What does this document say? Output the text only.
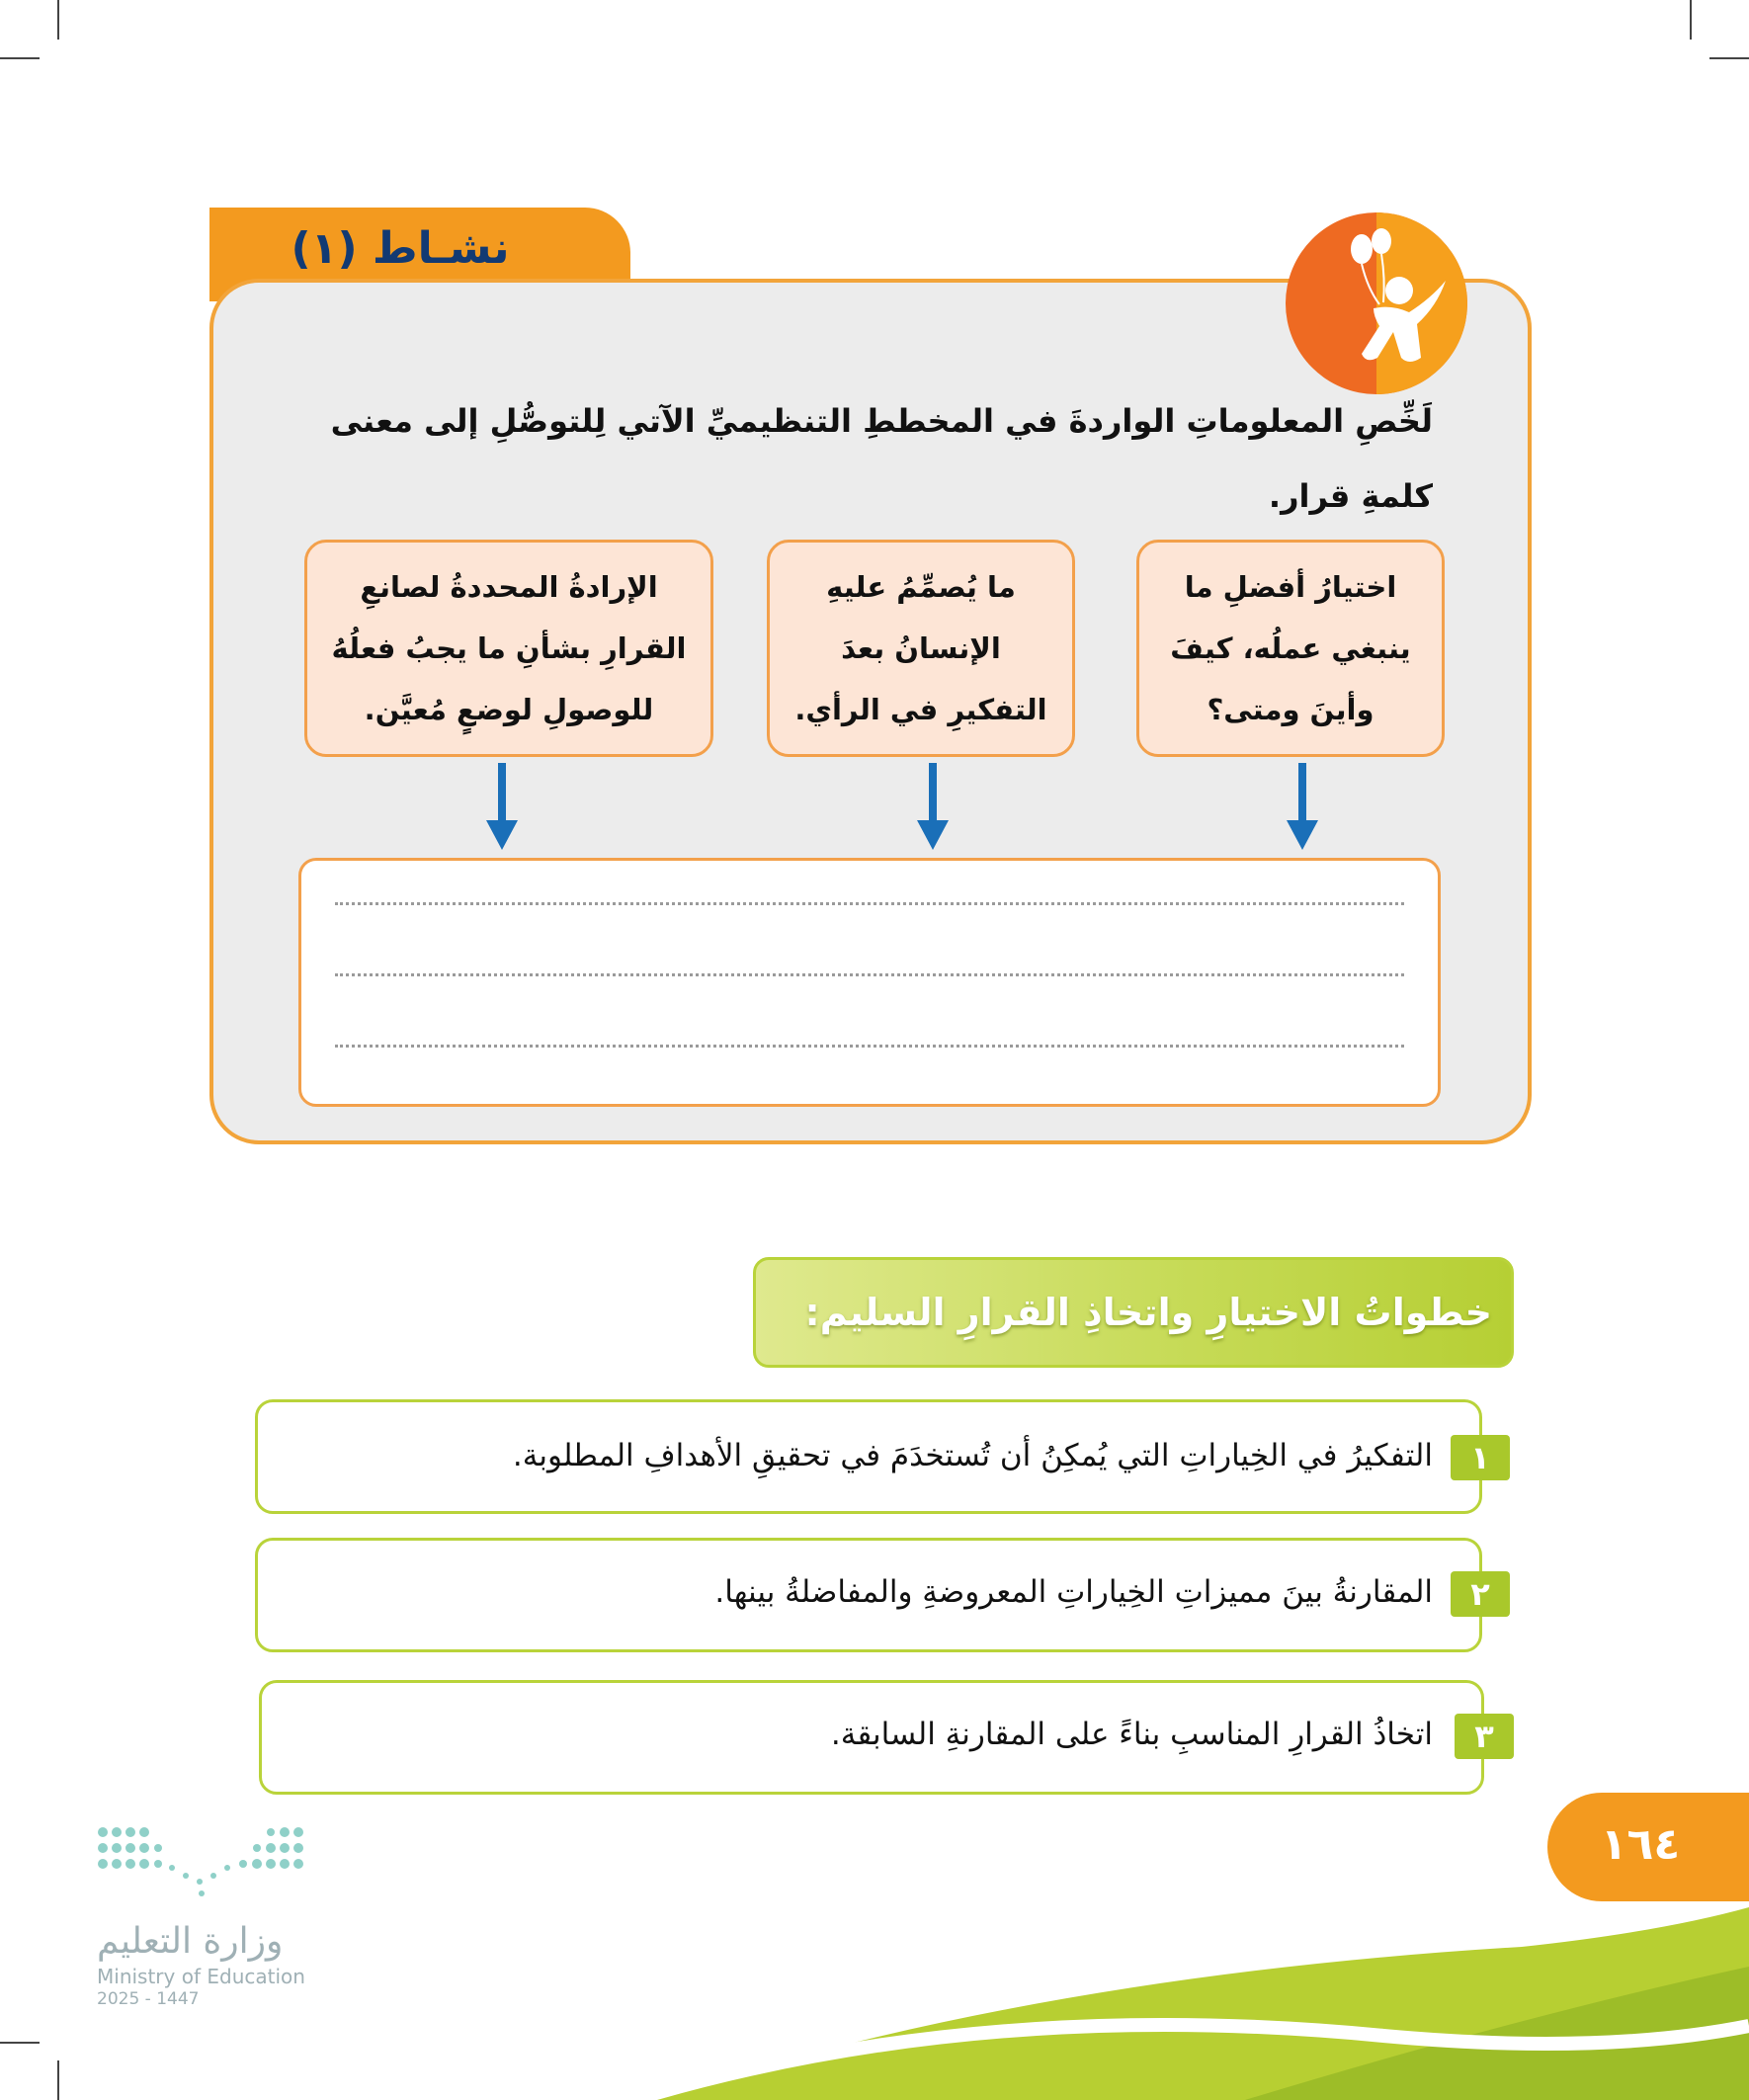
نشـاط (١)
لَخِّصِ المعلوماتِ الواردةَ في المخططِ التنظيميِّ الآتي لِلتوصُّلِ إلى معنى كلمةِ قرار.
اختيارُ أفضلِ ما ينبغي عملُه، كيفَ وأينَ ومتى؟
ما يُصمِّمُ عليهِ الإنسانُ بعدَ التفكيرِ في الرأي.
الإرادةُ المحددةُ لصانعِ القرارِ بشأنِ ما يجبُ فعلُهُ للوصولِ لوضعٍ مُعيَّن.
خطواتُ الاختيارِ واتخاذِ القرارِ السليم:
١
التفكيرُ في الخِياراتِ التي يُمكِنُ أن تُستخدَمَ في تحقيقِ الأهدافِ المطلوبة.
٢
المقارنةُ بينَ مميزاتِ الخِياراتِ المعروضةِ والمفاضلةُ بينها.
٣
اتخاذُ القرارِ المناسبِ بناءً على المقارنةِ السابقة.
١٦٤
وزارة التعليم
Ministry of Education
2025 - 1447
